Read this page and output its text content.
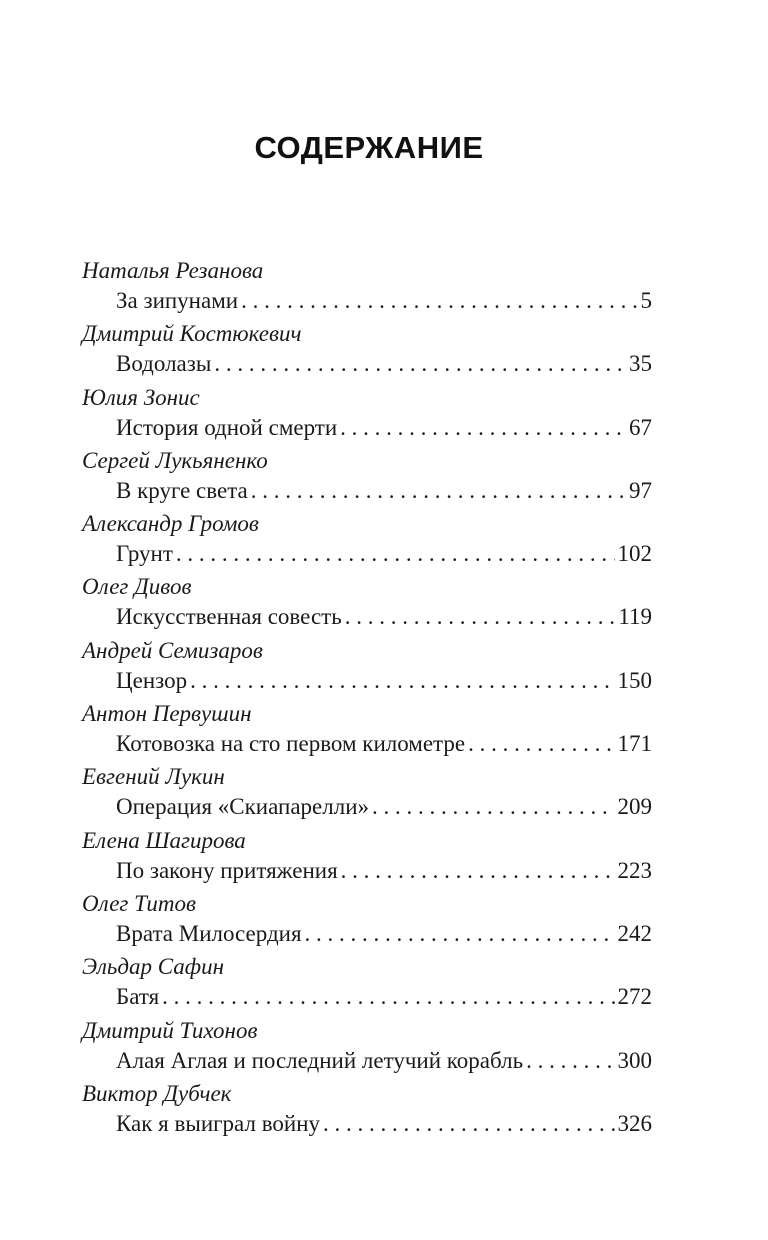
СОДЕРЖАНИЕ
Наталья Резанова
За зипунами . . .	5
Дмитрий Костюкевич
Водолазы . . .	35
Юлия Зонис
История одной смерти . . .	67
Сергей Лукьяненко
В круге света . . .	97
Александр Громов
Грунт . . .	102
Олег Дивов
Искусственная совесть . . .	119
Андрей Семизаров
Цензор . . .	150
Антон Первушин
Котовозка на сто первом километре . . .	171
Евгений Лукин
Операция «Скиапарелли» . . .	209
Елена Шагирова
По закону притяжения . . .	223
Олег Титов
Врата Милосердия . . .	242
Эльдар Сафин
Батя . . .	272
Дмитрий Тихонов
Алая Аглая и последний летучий корабль . . .	300
Виктор Дубчек
Как я выиграл войну . . .	326
